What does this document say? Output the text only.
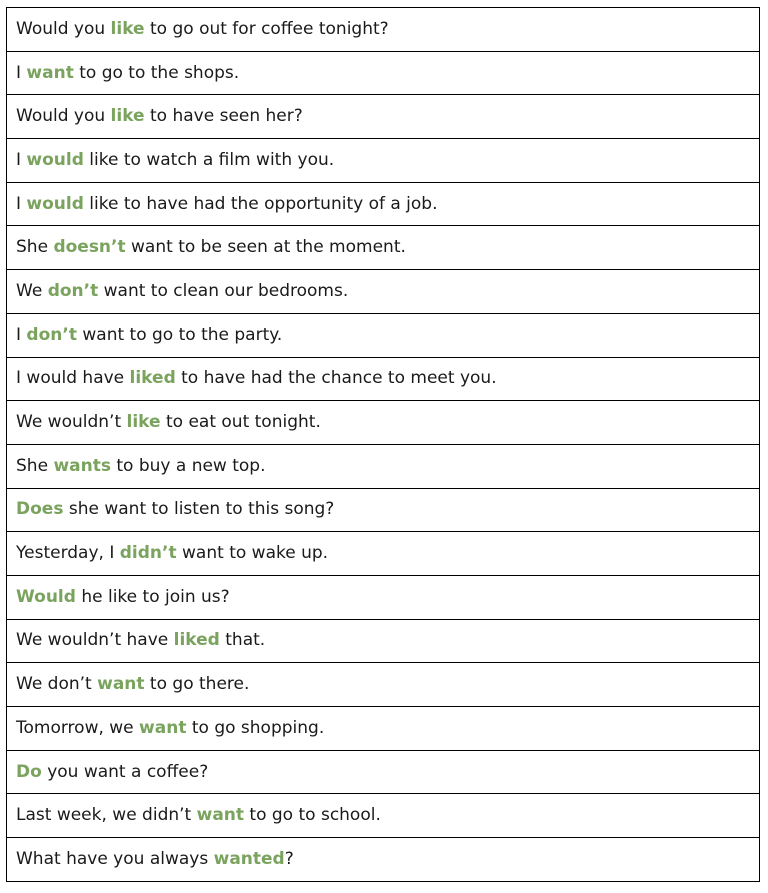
Would you like to go out for coffee tonight?
I want to go to the shops.
Would you like to have seen her?
I would like to watch a film with you.
I would like to have had the opportunity of a job.
She doesn’t want to be seen at the moment.
We don’t want to clean our bedrooms.
I don’t want to go to the party.
I would have liked to have had the chance to meet you.
We wouldn’t like to eat out tonight.
She wants to buy a new top.
Does she want to listen to this song?
Yesterday, I didn’t want to wake up.
Would he like to join us?
We wouldn’t have liked that.
We don’t want to go there.
Tomorrow, we want to go shopping.
Do you want a coffee?
Last week, we didn’t want to go to school.
What have you always wanted?
